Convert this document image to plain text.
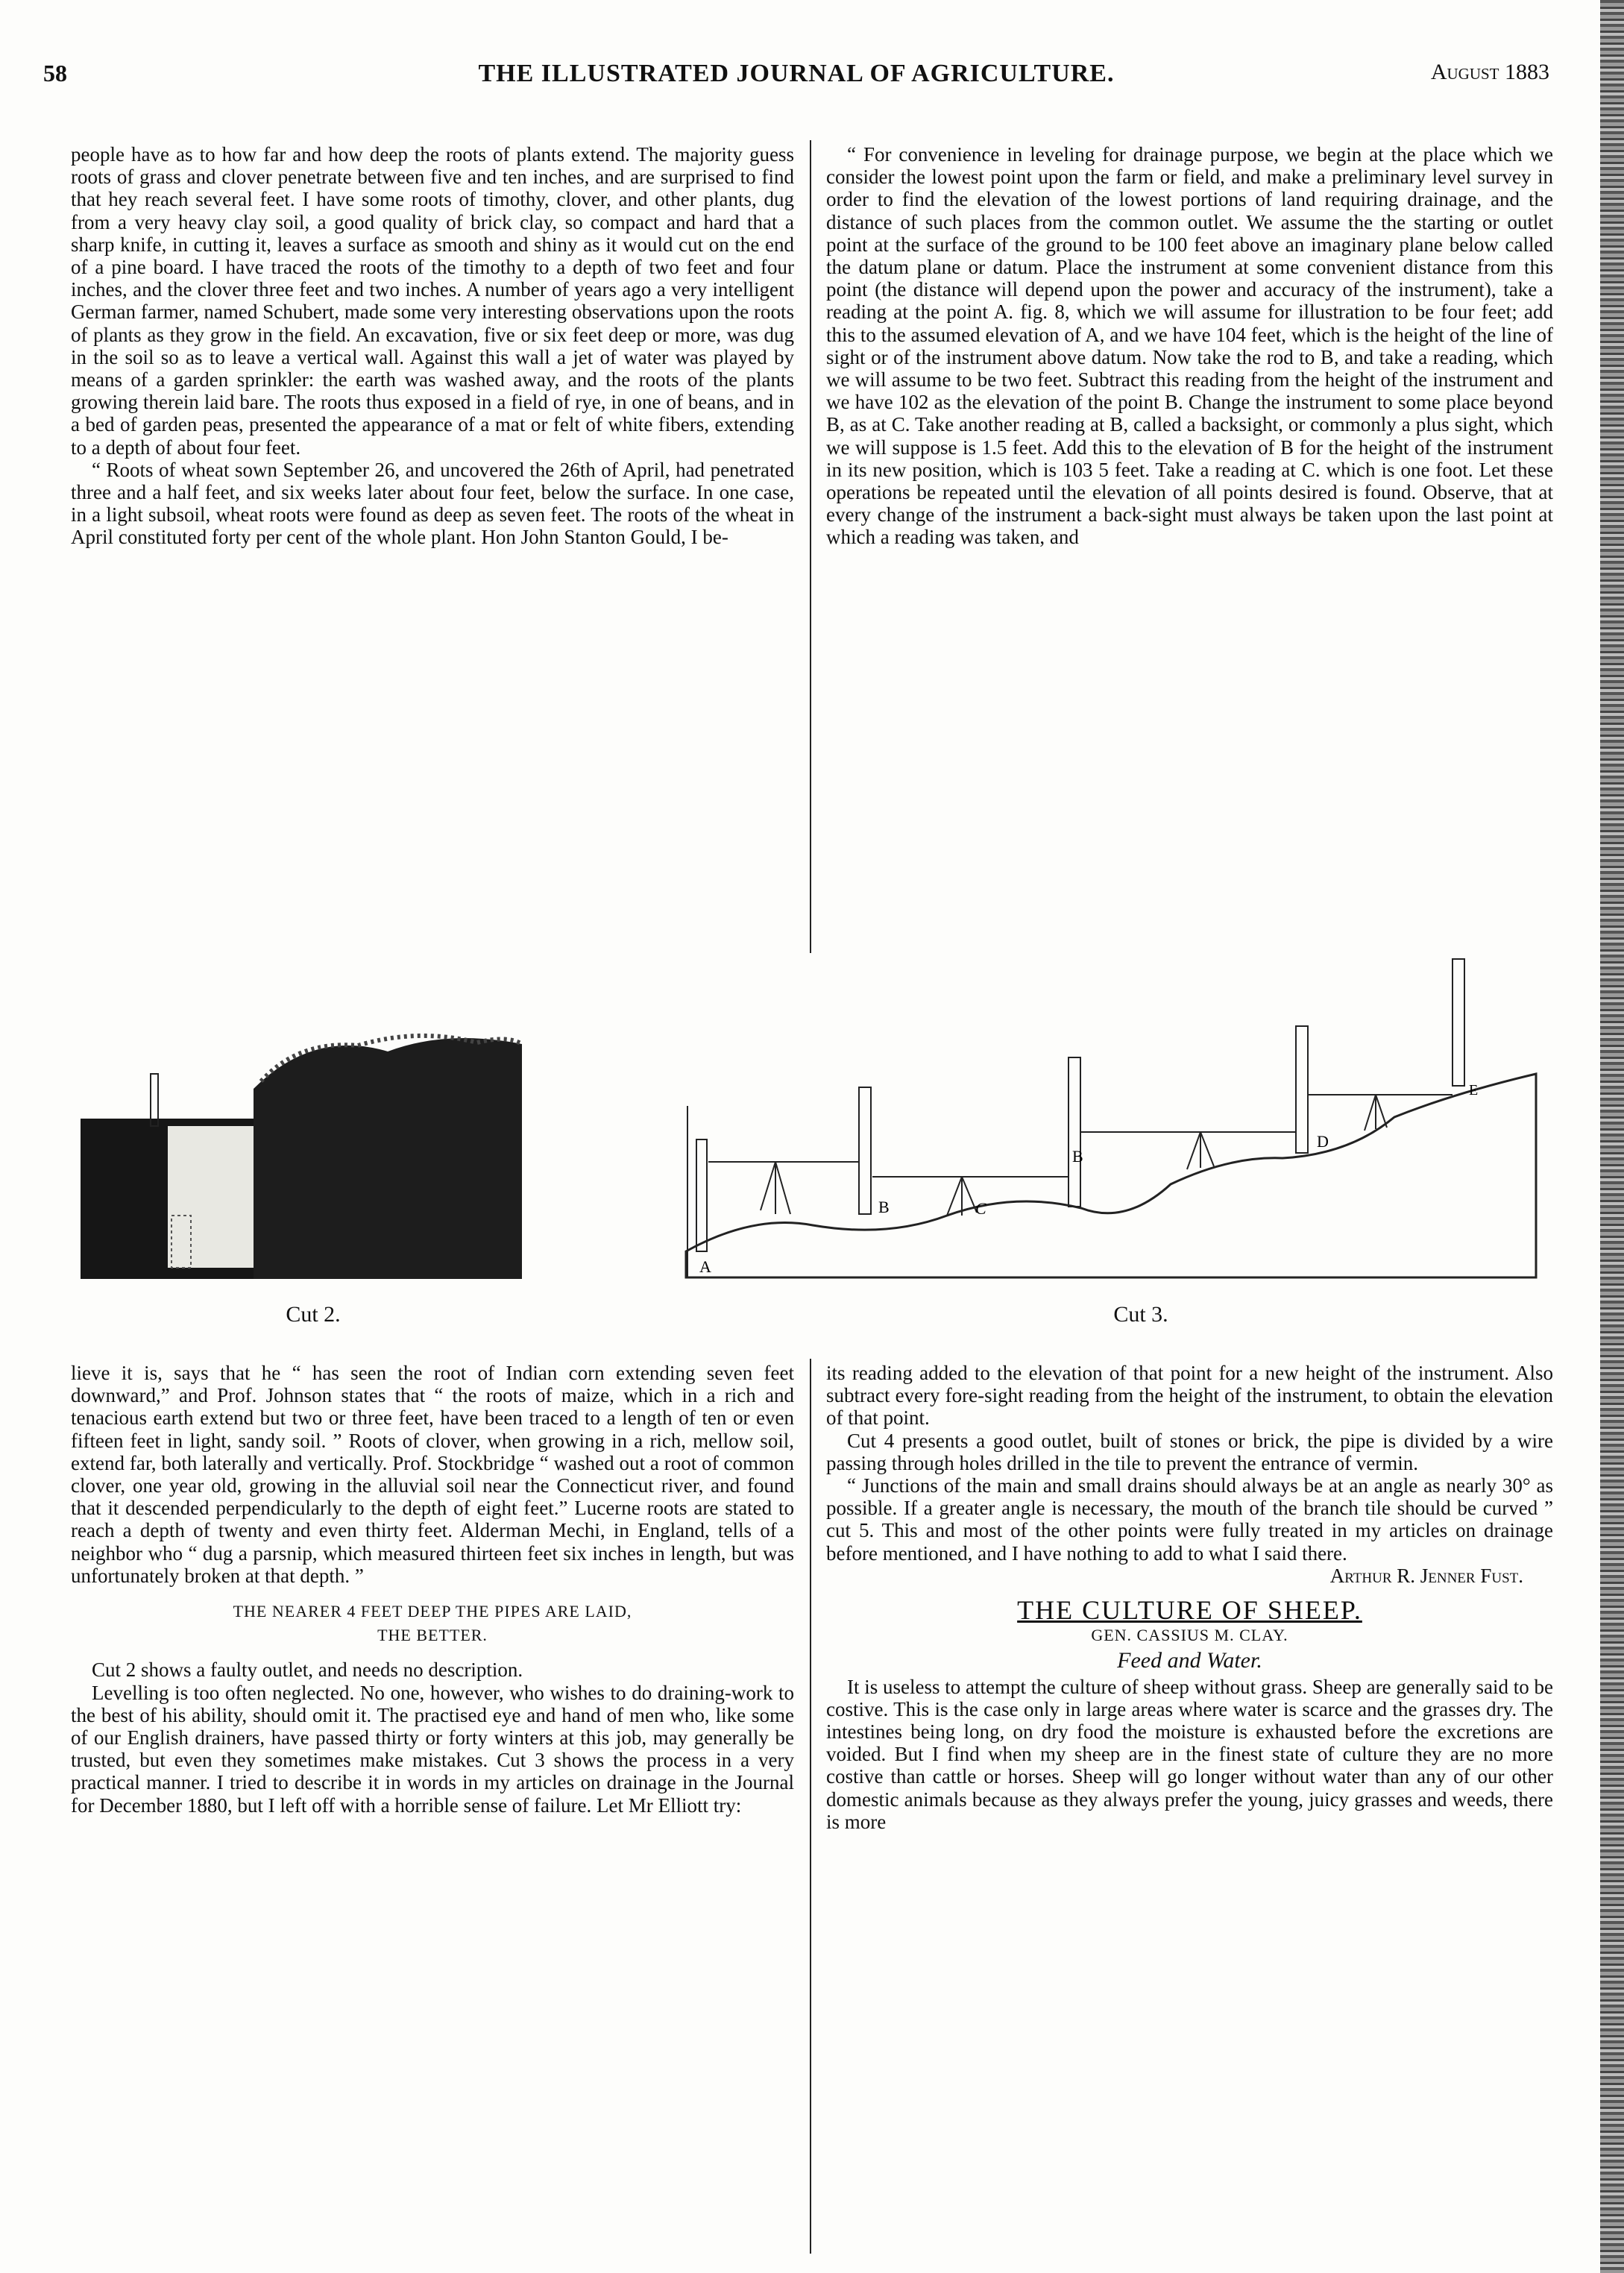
58	THE ILLUSTRATED JOURNAL OF AGRICULTURE.	August 1883

people have as to how far and how deep the roots of plants extend. The majority guess roots of grass and clover penetrate between five and ten inches, and are surprised to find that hey reach several feet. I have some roots of timothy, clover, and other plants, dug from a very heavy clay soil, a good quality of brick clay, so compact and hard that a sharp knife, in cutting it, leaves a surface as smooth and shiny as it would cut on the end of a pine board. I have traced the roots of the timothy to a depth of two feet and four inches, and the clover three feet and two inches. A number of years ago a very intelligent German farmer, named Schubert, made some very interesting observations upon the roots of plants as they grow in the field. An excavation, five or six feet deep or more, was dug in the soil so as to leave a vertical wall. Against this wall a jet of water was played by means of a garden sprinkler: the earth was washed away, and the roots of the plants growing therein laid bare. The roots thus exposed in a field of rye, in one of beans, and in a bed of garden peas, presented the appearance of a mat or felt of white fibers, extending to a depth of about four feet.

“ Roots of wheat sown September 26, and uncovered the 26th of April, had penetrated three and a half feet, and six weeks later about four feet, below the surface. In one case, in a light subsoil, wheat roots were found as deep as seven feet. The roots of the wheat in April constituted forty per cent of the whole plant. Hon John Stanton Gould, I be-

“ For convenience in leveling for drainage purpose, we begin at the place which we consider the lowest point upon the farm or field, and make a preliminary level survey in order to find the elevation of the lowest portions of land requiring drainage, and the distance of such places from the common outlet. We assume the the starting or outlet point at the surface of the ground to be 100 feet above an imaginary plane below called the datum plane or datum. Place the instrument at some convenient distance from this point (the distance will depend upon the power and accuracy of the instrument), take a reading at the point A. fig. 8, which we will assume for illustration to be four feet; add this to the assumed elevation of A, and we have 104 feet, which is the height of the line of sight or of the instrument above datum. Now take the rod to B, and take a reading, which we will assume to be two feet. Subtract this reading from the height of the instrument and we have 102 as the elevation of the point B. Change the instrument to some place beyond B, as at C. Take another reading at B, called a backsight, or commonly a plus sight, which we will suppose is 1.5 feet. Add this to the elevation of B for the height of the instrument in its new position, which is 103 5 feet. Take a reading at C. which is one foot. Let these operations be repeated until the elevation of all points desired is found. Observe, that at every change of the instrument a back-sight must always be taken upon the last point at which a reading was taken, and

Cut 2.
A
B	C
B
D
E
Cut 3.

lieve it is, says that he “ has seen the root of Indian corn extending seven feet downward,” and Prof. Johnson states that “ the roots of maize, which in a rich and tenacious earth extend but two or three feet, have been traced to a length of ten or even fifteen feet in light, sandy soil. ” Roots of clover, when growing in a rich, mellow soil, extend far, both laterally and vertically. Prof. Stockbridge “ washed out a root of common clover, one year old, growing in the alluvial soil near the Connecticut river, and found that it descended perpendicularly to the depth of eight feet.” Lucerne roots are stated to reach a depth of twenty and even thirty feet. Alderman Mechi, in England, tells of a neighbor who “ dug a parsnip, which measured thirteen feet six inches in length, but was unfortunately broken at that depth. ”

THE NEARER 4 FEET DEEP THE PIPES ARE LAID,
THE BETTER.

Cut 2 shows a faulty outlet, and needs no description.

Levelling is too often neglected. No one, however, who wishes to do draining-work to the best of his ability, should omit it. The practised eye and hand of men who, like some of our English drainers, have passed thirty or forty winters at this job, may generally be trusted, but even they sometimes make mistakes. Cut 3 shows the process in a very practical manner. I tried to describe it in words in my articles on drainage in the Journal for December 1880, but I left off with a horrible sense of failure. Let Mr Elliott try:

its reading added to the elevation of that point for a new height of the instrument. Also subtract every fore-sight reading from the height of the instrument, to obtain the elevation of that point.

Cut 4 presents a good outlet, built of stones or brick, the pipe is divided by a wire passing through holes drilled in the tile to prevent the entrance of vermin.

“ Junctions of the main and small drains should always be at an angle as nearly 30° as possible. If a greater angle is necessary, the mouth of the branch tile should be curved ” cut 5. This and most of the other points were fully treated in my articles on drainage before mentioned, and I have nothing to add to what I said there.

Arthur R. Jenner Fust.
THE CULTURE OF SHEEP.
GEN. CASSIUS M. CLAY.
Feed and Water.

It is useless to attempt the culture of sheep without grass. Sheep are generally said to be costive. This is the case only in large areas where water is scarce and the grasses dry. The intestines being long, on dry food the moisture is exhausted before the excretions are voided. But I find when my sheep are in the finest state of culture they are no more costive than cattle or horses. Sheep will go longer without water than any of our other domestic animals because as they always prefer the young, juicy grasses and weeds, there is more
